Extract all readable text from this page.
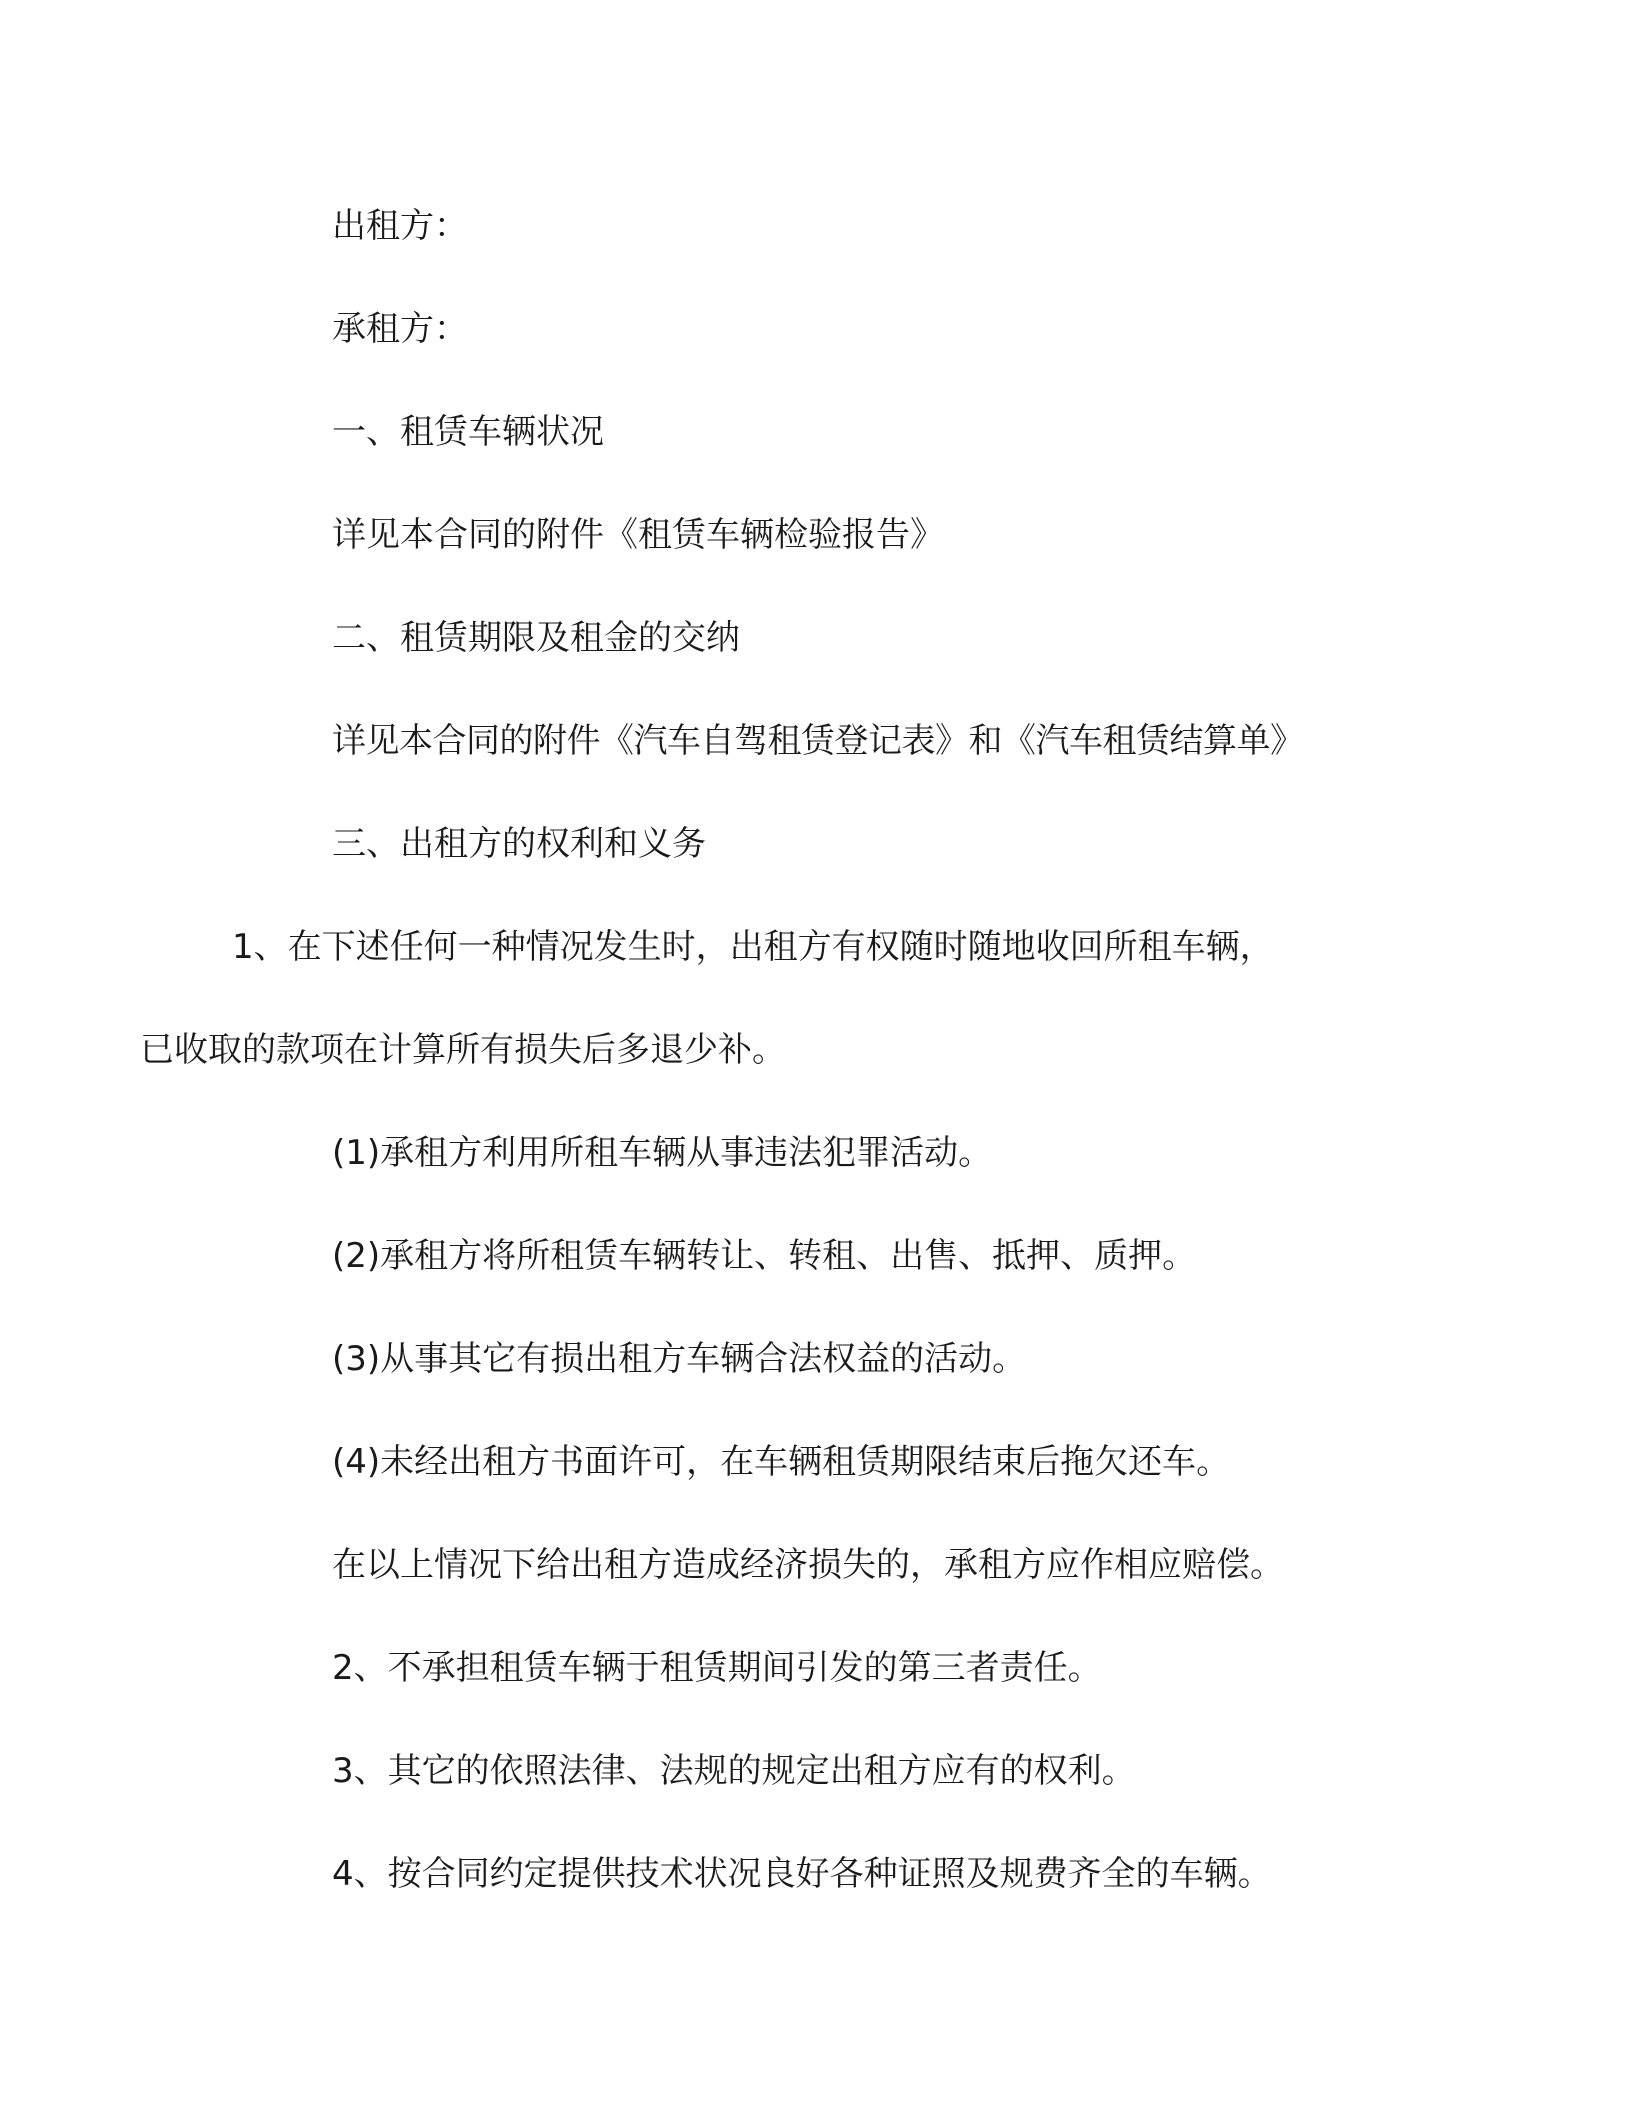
出租方：

承租方：

一、租赁车辆状况

详见本合同的附件《租赁车辆检验报告》

二、租赁期限及租金的交纳

详见本合同的附件《汽车自驾租赁登记表》和《汽车租赁结算单》

三、出租方的权利和义务

1、在下述任何一种情况发生时，出租方有权随时随地收回所租车辆，已收取的款项在计算所有损失后多退少补。

(1)承租方利用所租车辆从事违法犯罪活动。

(2)承租方将所租赁车辆转让、转租、出售、抵押、质押。

(3)从事其它有损出租方车辆合法权益的活动。

(4)未经出租方书面许可，在车辆租赁期限结束后拖欠还车。

在以上情况下给出租方造成经济损失的，承租方应作相应赔偿。

2、不承担租赁车辆于租赁期间引发的第三者责任。

3、其它的依照法律、法规的规定出租方应有的权利。

4、按合同约定提供技术状况良好各种证照及规费齐全的车辆。
